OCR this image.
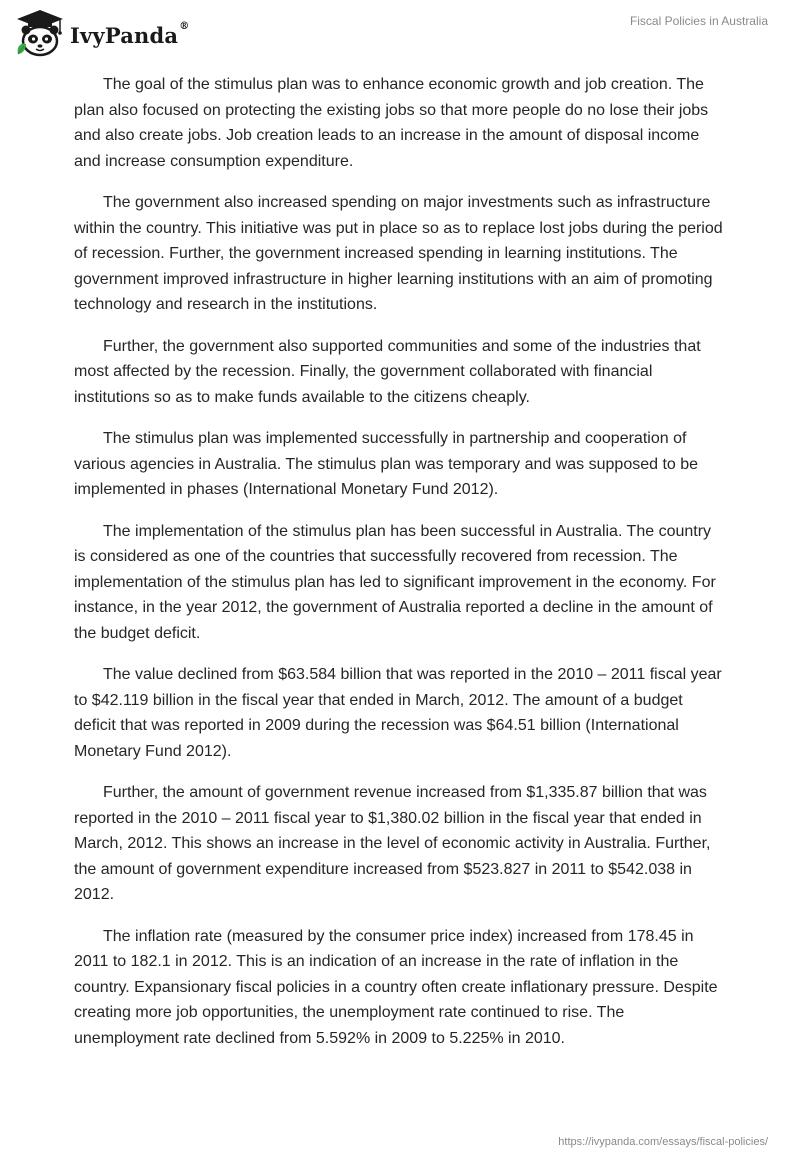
IvyPanda®	Fiscal Policies in Australia

The goal of the stimulus plan was to enhance economic growth and job creation. The plan also focused on protecting the existing jobs so that more people do no lose their jobs and also create jobs. Job creation leads to an increase in the amount of disposal income and increase consumption expenditure.

The government also increased spending on major investments such as infrastructure within the country. This initiative was put in place so as to replace lost jobs during the period of recession. Further, the government increased spending in learning institutions. The government improved infrastructure in higher learning institutions with an aim of promoting technology and research in the institutions.

Further, the government also supported communities and some of the industries that most affected by the recession. Finally, the government collaborated with financial institutions so as to make funds available to the citizens cheaply.

The stimulus plan was implemented successfully in partnership and cooperation of various agencies in Australia. The stimulus plan was temporary and was supposed to be implemented in phases (International Monetary Fund 2012).

The implementation of the stimulus plan has been successful in Australia. The country is considered as one of the countries that successfully recovered from recession. The implementation of the stimulus plan has led to significant improvement in the economy. For instance, in the year 2012, the government of Australia reported a decline in the amount of the budget deficit.

The value declined from $63.584 billion that was reported in the 2010 – 2011 fiscal year to $42.119 billion in the fiscal year that ended in March, 2012. The amount of a budget deficit that was reported in 2009 during the recession was $64.51 billion (International Monetary Fund 2012).

Further, the amount of government revenue increased from $1,335.87 billion that was reported in the 2010 – 2011 fiscal year to $1,380.02 billion in the fiscal year that ended in March, 2012. This shows an increase in the level of economic activity in Australia. Further, the amount of government expenditure increased from $523.827 in 2011 to $542.038 in 2012.

The inflation rate (measured by the consumer price index) increased from 178.45 in 2011 to 182.1 in 2012. This is an indication of an increase in the rate of inflation in the country. Expansionary fiscal policies in a country often create inflationary pressure. Despite creating more job opportunities, the unemployment rate continued to rise. The unemployment rate declined from 5.592% in 2009 to 5.225% in 2010.

https://ivypanda.com/essays/fiscal-policies/
